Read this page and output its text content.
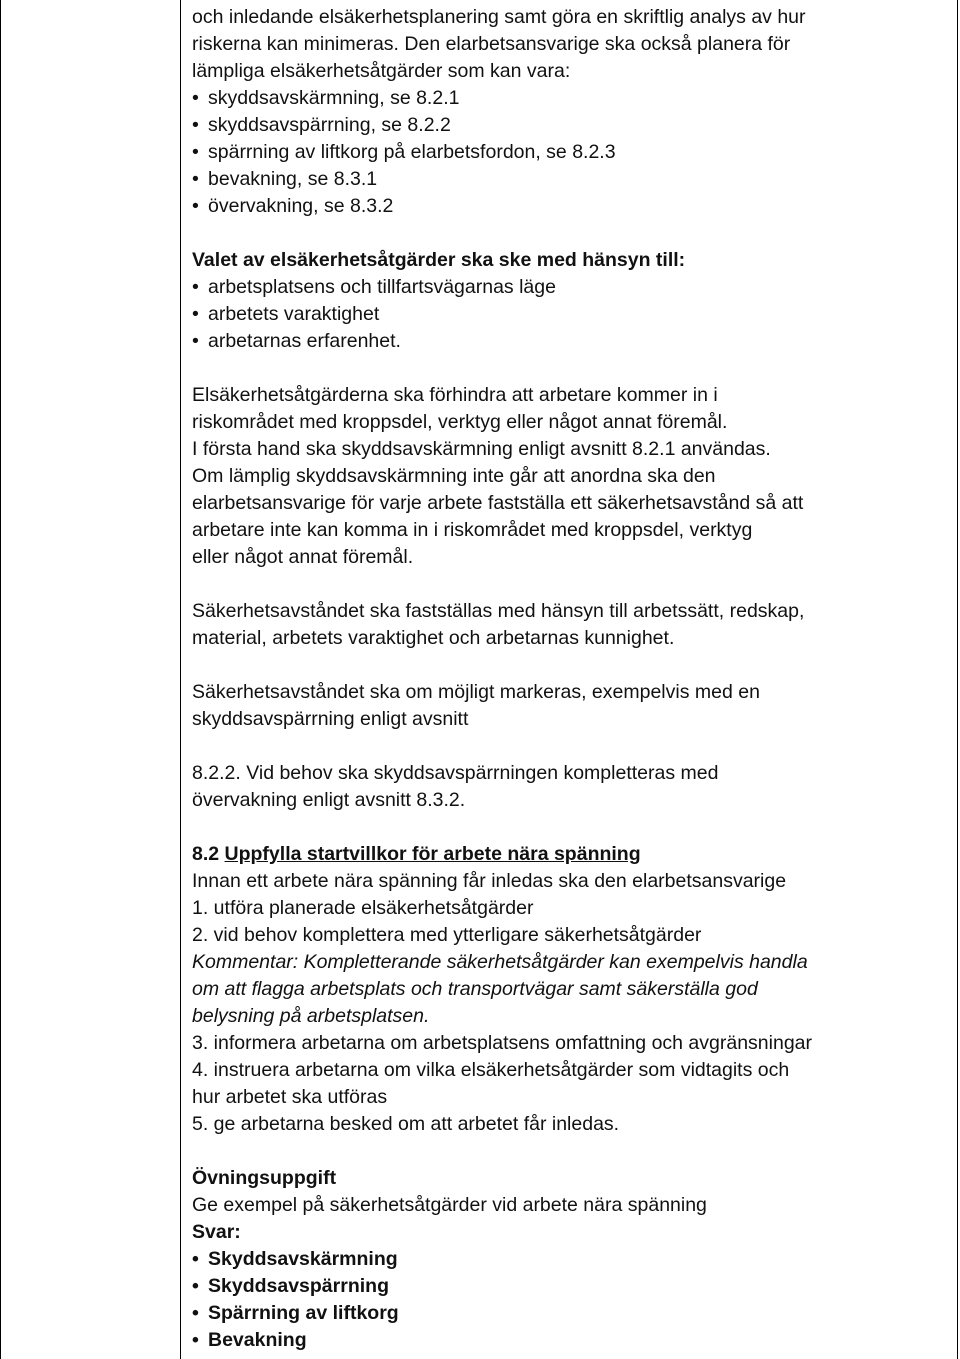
och inledande elsäkerhetsplanering samt göra en skriftlig analys av hur
riskerna kan minimeras. Den elarbetsansvarige ska också planera för
lämpliga elsäkerhetsåtgärder som kan vara:
• skyddsavskärmning, se 8.2.1
• skyddsavspärrning, se 8.2.2
• spärrning av liftkorg på elarbetsfordon, se 8.2.3
• bevakning, se 8.3.1
• övervakning, se 8.3.2
Valet av elsäkerhetsåtgärder ska ske med hänsyn till:
• arbetsplatsens och tillfartsvägarnas läge
• arbetets varaktighet
• arbetarnas erfarenhet.
Elsäkerhetsåtgärderna ska förhindra att arbetare kommer in i
riskområdet med kroppsdel, verktyg eller något annat föremål.
I första hand ska skyddsavskärmning enligt avsnitt 8.2.1 användas.
Om lämplig skyddsavskärmning inte går att anordna ska den
elarbetsansvarige för varje arbete fastställa ett säkerhetsavstånd så att
arbetare inte kan komma in i riskområdet med kroppsdel, verktyg
eller något annat föremål.
Säkerhetsavståndet ska fastställas med hänsyn till arbetssätt, redskap,
material, arbetets varaktighet och arbetarnas kunnighet.
Säkerhetsavståndet ska om möjligt markeras, exempelvis med en
skyddsavspärrning enligt avsnitt
8.2.2. Vid behov ska skyddsavspärrningen kompletteras med
övervakning enligt avsnitt 8.3.2.
8.2 Uppfylla startvillkor för arbete nära spänning
Innan ett arbete nära spänning får inledas ska den elarbetsansvarige
1. utföra planerade elsäkerhetsåtgärder
2. vid behov komplettera med ytterligare säkerhetsåtgärder
Kommentar: Kompletterande säkerhetsåtgärder kan exempelvis handla
om att flagga arbetsplats och transportvägar samt säkerställa god
belysning på arbetsplatsen.
3. informera arbetarna om arbetsplatsens omfattning och avgränsningar
4. instruera arbetarna om vilka elsäkerhetsåtgärder som vidtagits och
hur arbetet ska utföras
5. ge arbetarna besked om att arbetet får inledas.
Övningsuppgift
Ge exempel på säkerhetsåtgärder vid arbete nära spänning
Svar:
• Skyddsavskärmning
• Skyddsavspärrning
• Spärrning av liftkorg
• Bevakning
